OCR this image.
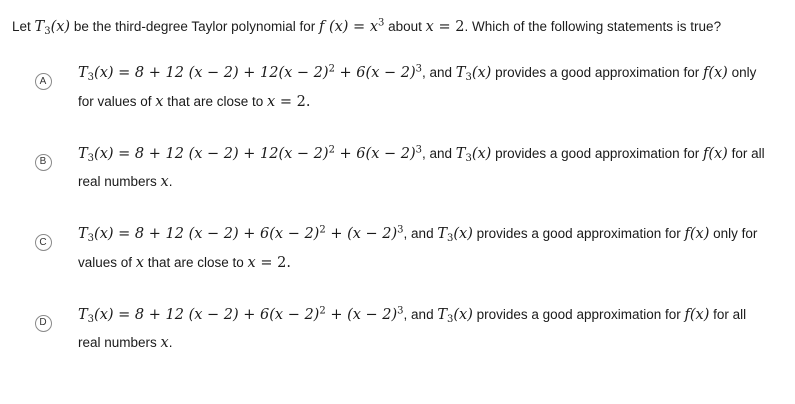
Let $T_3(x)$ be the third-degree Taylor polynomial for f $(x) = x^3$ about x = 2. Which of the following statements is true?
A	$T_3(x) = 8 + 12$ $(x - 2) + 12(x - 2)^2 + 6(x - 2)^3$, and $T_3(x)$ provides a good approximation for f(x) only for values of x that are close to x = 2.
B	$T_3(x) = 8 + 12$ $(x - 2) + 12(x - 2)^2 + 6(x - 2)^3$, and $T_3(x)$ provides a good approximation for f(x) for all real numbers x.
C	$T_3(x) = 8 + 12$ $(x - 2) + 6(x - 2)^2 + (x - 2)^3$, and $T_3(x)$ provides a good approximation for f(x) only for values of x that are close to x = 2.
D	$T_3(x) = 8 + 12$ $(x - 2) + 6(x - 2)^2 + (x - 2)^3$, and $T_3(x)$ provides a good approximation for f(x) for all real numbers x.
